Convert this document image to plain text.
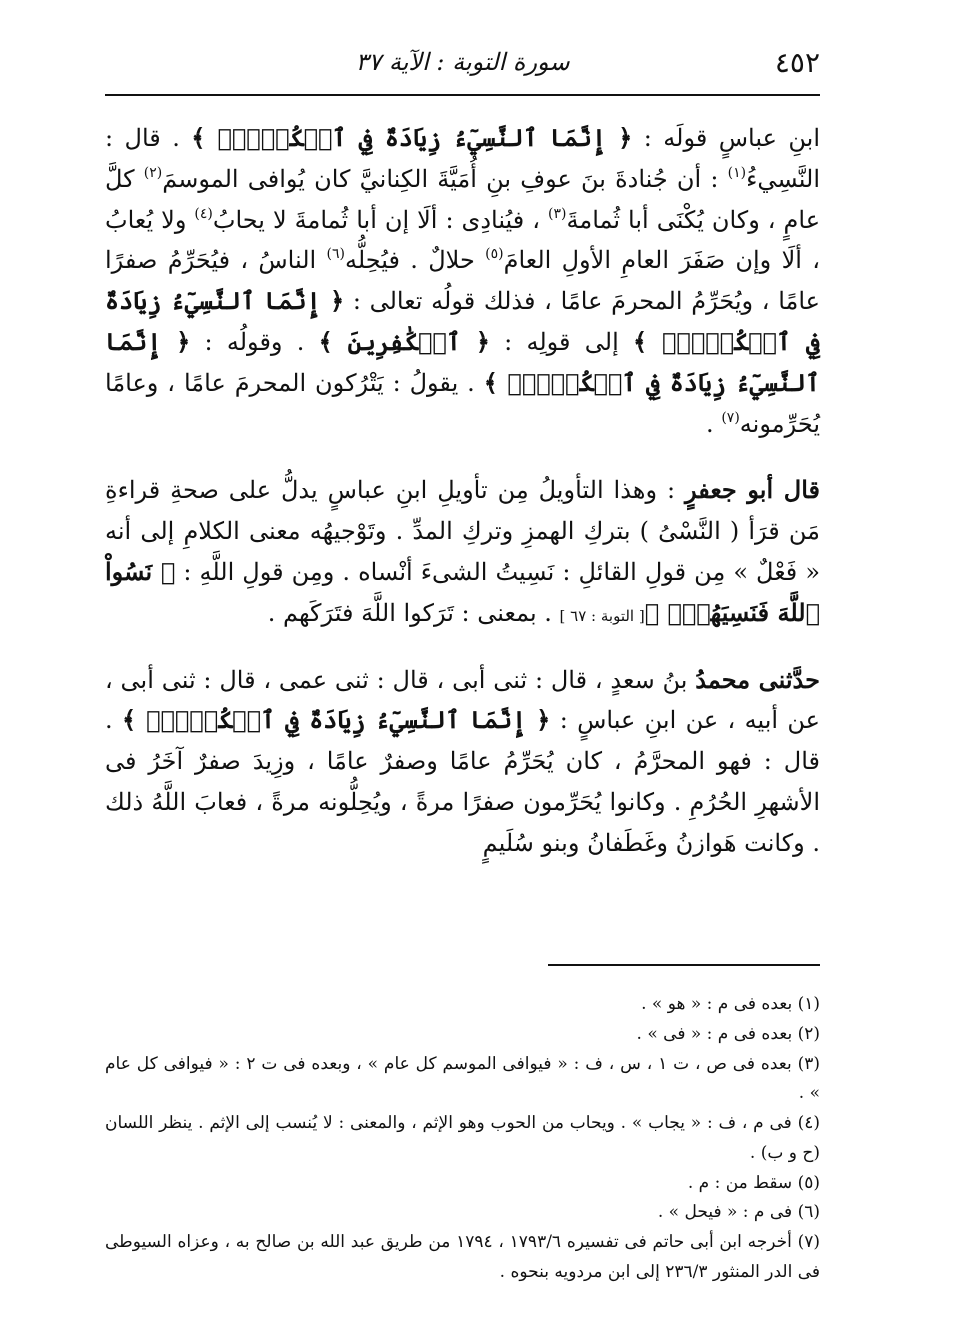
٤٥٢
سورة التوبة : الآية ٣٧

ابنِ عباسٍ قولَه : ﴿ إِنَّمَا ٱلنَّسِيٓءُ زِيَادَةٌ فِي ٱلۡكُفۡرِۖ ﴾ . قال : النَّسِيءُ$^{(١)}$ : أن جُنادةَ بنَ عوفِ بنِ أُمَيَّةَ الكِنانيَّ كان يُوافى الموسمَ$^{(٢)}$ كلَّ عامٍ ، وكان يُكْنَى أبا ثُمامةَ$^{(٣)}$ ، فيُنادِى : ألَا إن أبا ثُمامةَ لا يحابُ$^{(٤)}$ ولا يُعابُ ، ألَا وإن صَفَرَ العامِ الأولِ العامَ$^{(٥)}$ حلالٌ . فيُحِلُّه$^{(٦)}$ الناسُ ، فيُحَرِّمُ صفرًا عامًا ، ويُحَرِّمُ المحرمَ عامًا ، فذلك قولُه تعالى : ﴿ إِنَّمَا ٱلنَّسِيٓءُ زِيَادَةٌ فِي ٱلۡكُفۡرِۖ ﴾ إلى قولِه : ﴿ ٱلۡكَٰفِرِينَ ﴾ . وقولُه : ﴿ إِنَّمَا ٱلنَّسِيٓءُ زِيَادَةٌ فِي ٱلۡكُفۡرِۖ ﴾ . يقولُ : يَتْرُكون المحرمَ عامًا ، وعامًا يُحَرِّمونه$^{(٧)}$ .

قال أبو جعفرٍ : وهذا التأويلُ مِن تأويلِ ابنِ عباسٍ يدلُّ على صحةِ قراءةِ مَن قرَأ ( النَّسْىُ ) بتركِ الهمزِ وتركِ المدِّ . وتَوْجيهُه معنى الكلامِ إلى أنه « فَعْلٌ » مِن قولِ القائلِ : نَسِيتُ الشىءَ أنْساه . ومِن قولِ اللَّهِ : ﴿ نَسُواْ ٱللَّهَ فَنَسِيَهُمۡۚ ﴾[ التوبة : ٦٧ ] . بمعنى : تَرَكوا اللَّهَ فتَرَكَهم .

حدَّثنى محمدُ بنُ سعدٍ ، قال : ثنى أبى ، قال : ثنى عمى ، قال : ثنى أبى ، عن أبيه ، عن ابنِ عباسٍ : ﴿ إِنَّمَا ٱلنَّسِيٓءُ زِيَادَةٌ فِي ٱلۡكُفۡرِۖ ﴾ . قال : فهو المحرَّمُ ، كان يُحَرِّمُ عامًا وصفرٌ عامًا ، وزِيدَ صفرٌ آخَرُ فى الأشهرِ الحُرُمِ . وكانوا يُحَرِّمون صفرًا مرةً ، ويُحِلُّونه مرةً ، فعابَ اللَّهُ ذلك . وكانت هَوازنُ وغَطَفانُ وبنو سُلَيمٍ

(١) بعده فى م : « هو » .
(٢) بعده فى م : « فى » .
(٣) بعده فى ص ، ت ١ ، س ، ف : « فيوافى الموسم كل عام » ، وبعده فى ت ٢ : « فيوافى كل عام » .
(٤) فى م ، ف : « يجاب » . ويحاب من الحوب وهو الإثم ، والمعنى : لا يُنسب إلى الإثم . ينظر اللسان (ح و ب) .
(٥) سقط من : م .
(٦) فى م : « فيحل » .
(٧) أخرجه ابن أبى حاتم فى تفسيره ١٧٩٣/٦ ، ١٧٩٤ من طريق عبد الله بن صالح به ، وعزاه السيوطى فى الدر المنثور ٢٣٦/٣ إلى ابن مردويه بنحوه .
